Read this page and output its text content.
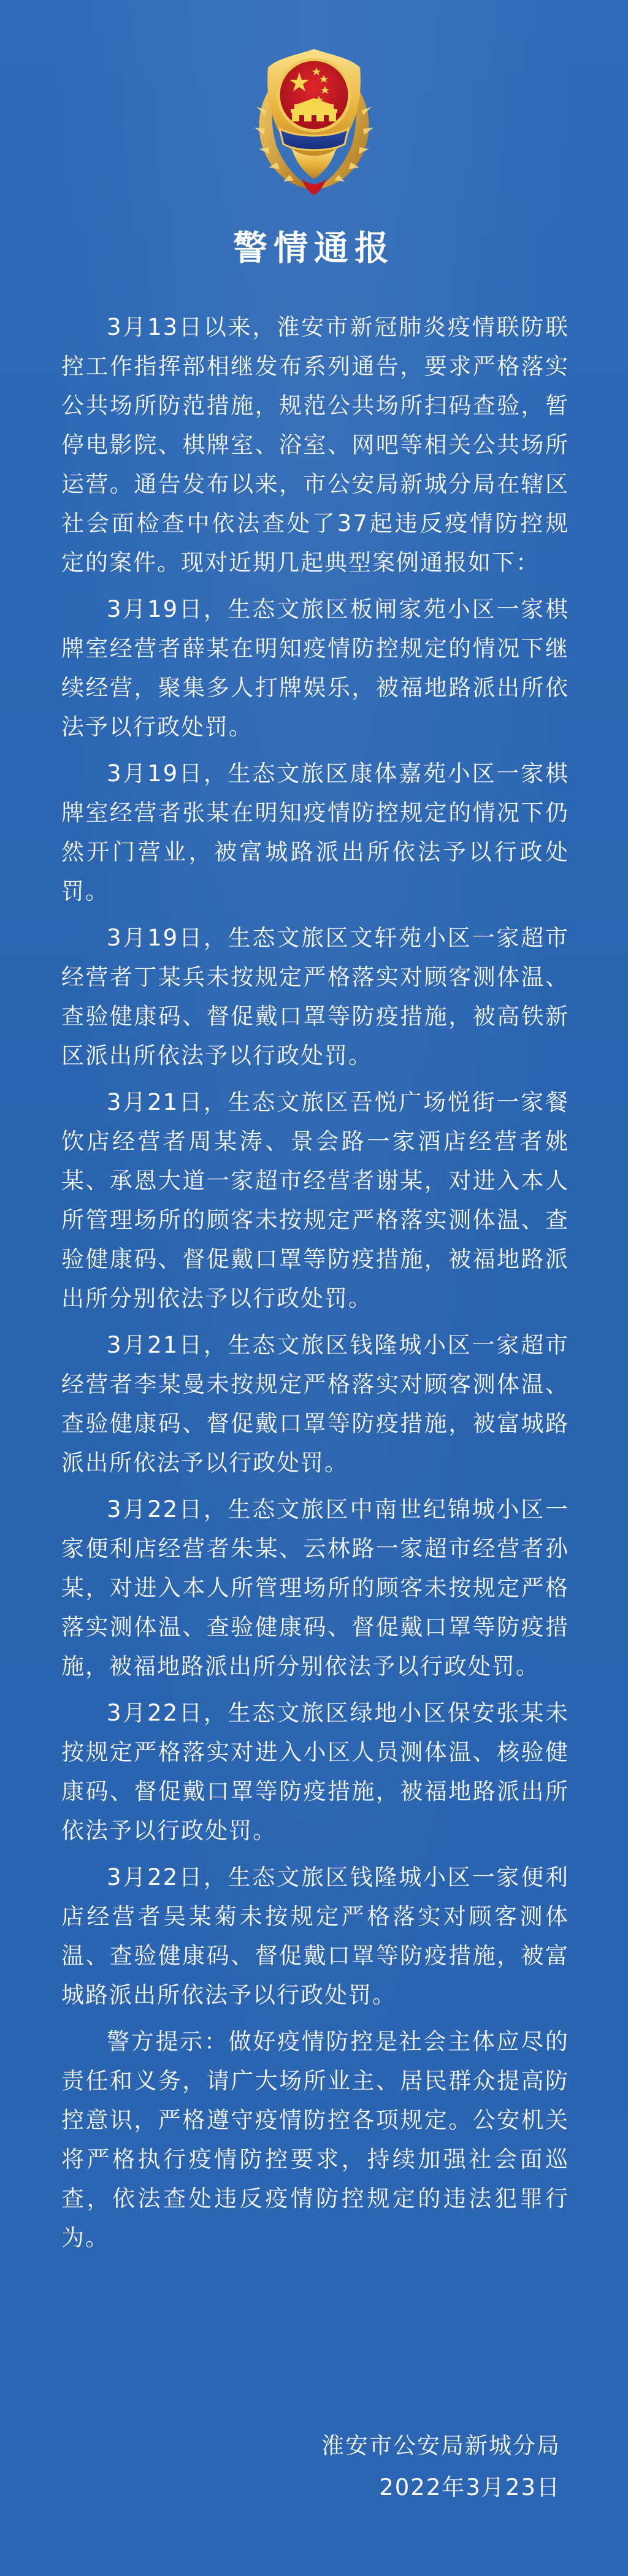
警情通报

3月13日以来，淮安市新冠肺炎疫情联防联控工作指挥部相继发布系列通告，要求严格落实公共场所防范措施，规范公共场所扫码查验，暂停电影院、棋牌室、浴室、网吧等相关公共场所运营。通告发布以来，市公安局新城分局在辖区社会面检查中依法查处了37起违反疫情防控规定的案件。现对近期几起典型案例通报如下：

3月19日，生态文旅区板闸家苑小区一家棋牌室经营者薛某在明知疫情防控规定的情况下继续经营，聚集多人打牌娱乐，被福地路派出所依法予以行政处罚。

3月19日，生态文旅区康体嘉苑小区一家棋牌室经营者张某在明知疫情防控规定的情况下仍然开门营业，被富城路派出所依法予以行政处罚。

3月19日，生态文旅区文轩苑小区一家超市经营者丁某兵未按规定严格落实对顾客测体温、查验健康码、督促戴口罩等防疫措施，被高铁新区派出所依法予以行政处罚。

3月21日，生态文旅区吾悦广场悦街一家餐饮店经营者周某涛、景会路一家酒店经营者姚某、承恩大道一家超市经营者谢某，对进入本人所管理场所的顾客未按规定严格落实测体温、查验健康码、督促戴口罩等防疫措施，被福地路派出所分别依法予以行政处罚。

3月21日，生态文旅区钱隆城小区一家超市经营者李某曼未按规定严格落实对顾客测体温、查验健康码、督促戴口罩等防疫措施，被富城路派出所依法予以行政处罚。

3月22日，生态文旅区中南世纪锦城小区一家便利店经营者朱某、云林路一家超市经营者孙某，对进入本人所管理场所的顾客未按规定严格落实测体温、查验健康码、督促戴口罩等防疫措施，被福地路派出所分别依法予以行政处罚。

3月22日，生态文旅区绿地小区保安张某未按规定严格落实对进入小区人员测体温、核验健康码、督促戴口罩等防疫措施，被福地路派出所依法予以行政处罚。

3月22日，生态文旅区钱隆城小区一家便利店经营者吴某菊未按规定严格落实对顾客测体温、查验健康码、督促戴口罩等防疫措施，被富城路派出所依法予以行政处罚。

警方提示：做好疫情防控是社会主体应尽的责任和义务，请广大场所业主、居民群众提高防控意识，严格遵守疫情防控各项规定。公安机关将严格执行疫情防控要求，持续加强社会面巡查，依法查处违反疫情防控规定的违法犯罪行为。

淮安市公安局新城分局
2022年3月23日
